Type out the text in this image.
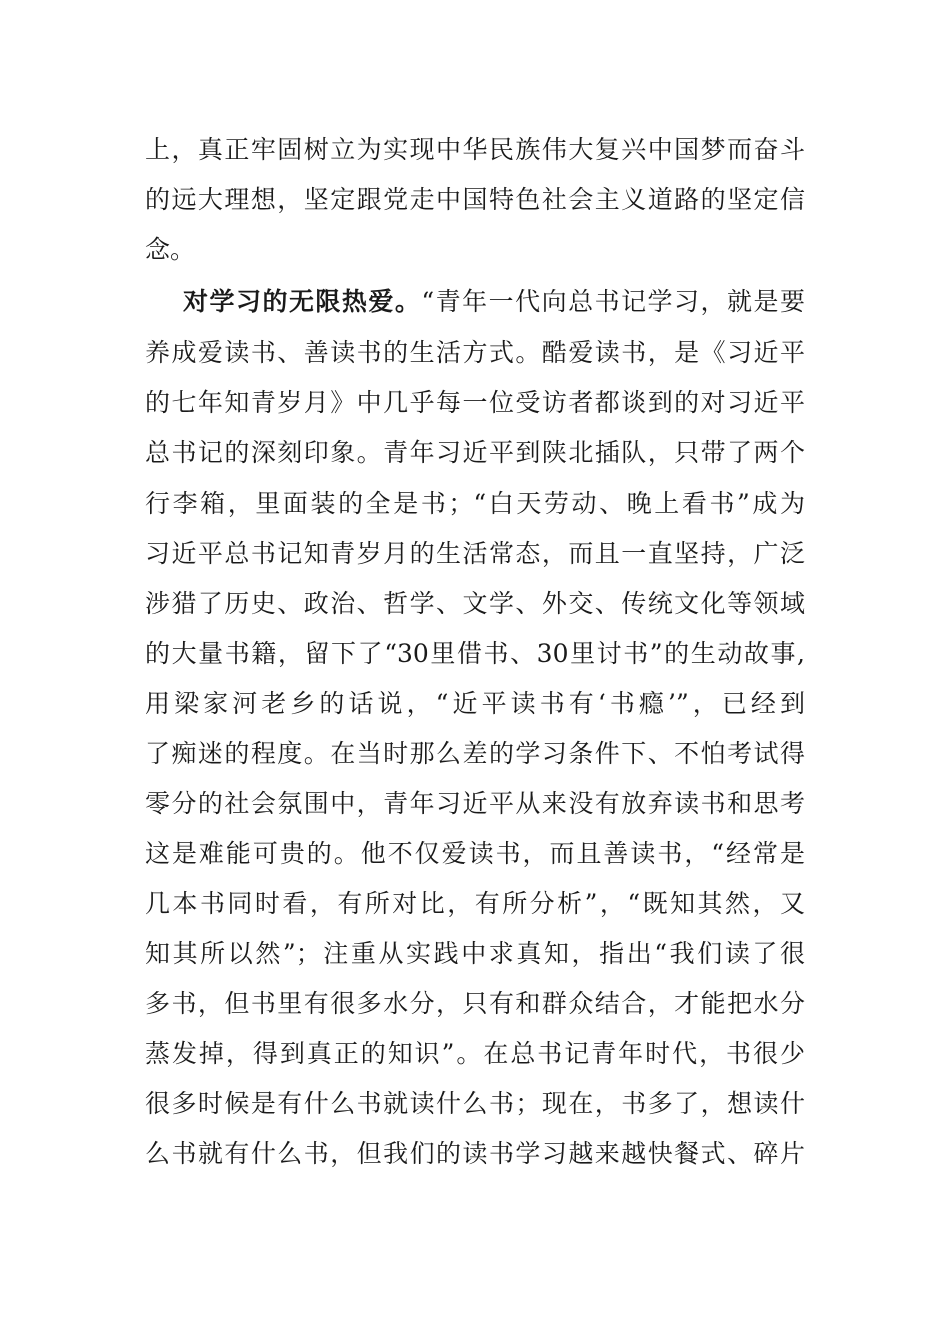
上，真正牢固树立为实现中华民族伟大复兴中国梦而奋斗
的远大理想，坚定跟党走中国特色社会主义道路的坚定信
念。
对学习的无限热爱。“青年一代向总书记学习，就是要
养成爱读书、善读书的生活方式。酷爱读书，是《习近平
的七年知青岁月》中几乎每一位受访者都谈到的对习近平
总书记的深刻印象。青年习近平到陕北插队，只带了两个
行李箱，里面装的全是书；“白天劳动、晚上看书”成为
习近平总书记知青岁月的生活常态，而且一直坚持，广泛
涉猎了历史、政治、哲学、文学、外交、传统文化等领域
的大量书籍，留下了“30里借书、30里讨书”的生动故事,
用梁家河老乡的话说，“近平读书有‘书瘾’”，已经到
了痴迷的程度。在当时那么差的学习条件下、不怕考试得
零分的社会氛围中，青年习近平从来没有放弃读书和思考
这是难能可贵的。他不仅爱读书，而且善读书，“经常是
几本书同时看，有所对比，有所分析”，“既知其然，又
知其所以然”；注重从实践中求真知，指出“我们读了很
多书，但书里有很多水分，只有和群众结合，才能把水分
蒸发掉，得到真正的知识”。在总书记青年时代，书很少
很多时候是有什么书就读什么书；现在，书多了，想读什
么书就有什么书，但我们的读书学习越来越快餐式、碎片
